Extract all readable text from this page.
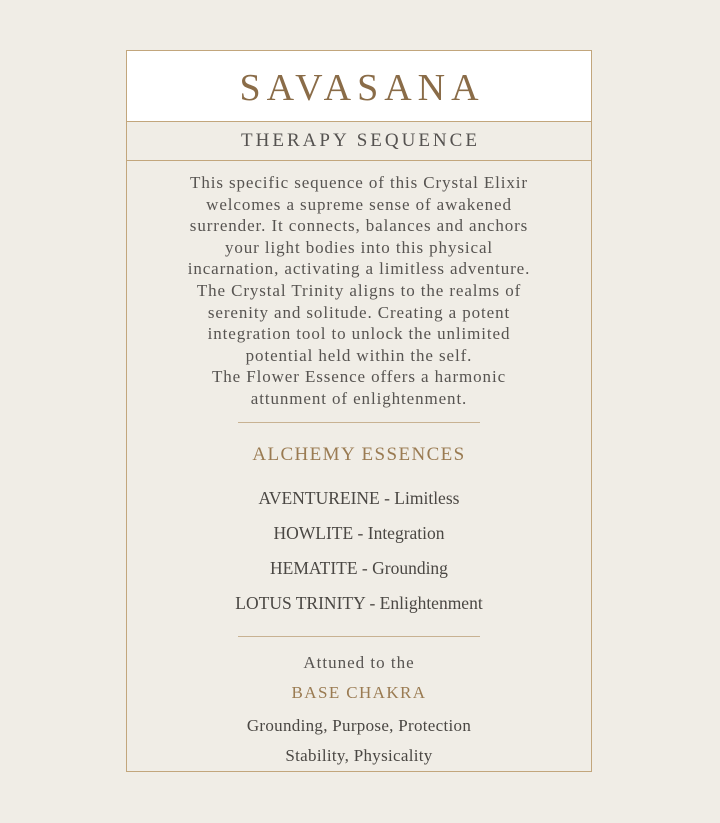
SAVASANA
THERAPY SEQUENCE
This specific sequence of this Crystal Elixir
welcomes a supreme sense of awakened
surrender. It connects, balances and anchors
your light bodies into this physical
incarnation, activating a limitless adventure.
The Crystal Trinity aligns to the realms of
serenity and solitude. Creating a potent
integration tool to unlock the unlimited
potential held within the self.
The Flower Essence offers a harmonic
attunment of enlightenment.
ALCHEMY ESSENCES
AVENTUREINE - Limitless
HOWLITE - Integration
HEMATITE - Grounding
LOTUS TRINITY - Enlightenment
Attuned to the
BASE CHAKRA
Grounding, Purpose, Protection
Stability, Physicality
